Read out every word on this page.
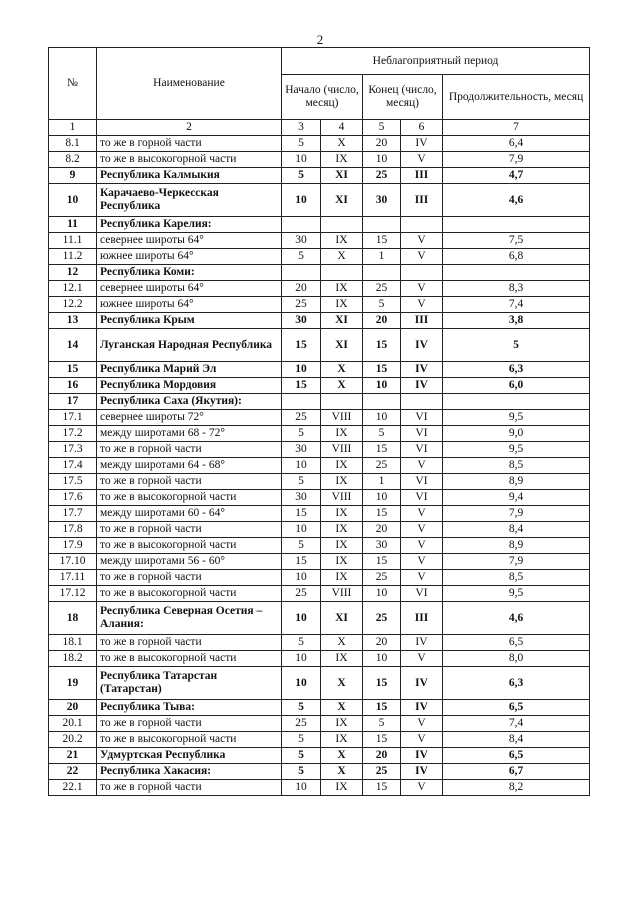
2
№	Наименование	Неблагоприятный период				
		Начало (число, месяц)		Конец (число, месяц)		Продолжительность, месяц
1	2	3	4	5	6	7
8.1	то же в горной части	5	X	20	IV	6,4
8.2	то же в высокогорной части	10	IX	10	V	7,9
9	Республика Калмыкия	5	XI	25	III	4,7
10	Карачаево-Черкесская Республика	10	XI	30	III	4,6
11	Республика Карелия:					
11.1	севернее широты 64°	30	IX	15	V	7,5
11.2	южнее широты 64°	5	X	1	V	6,8
12	Республика Коми:					
12.1	севернее широты 64°	20	IX	25	V	8,3
12.2	южнее широты 64°	25	IX	5	V	7,4
13	Республика Крым	30	XI	20	III	3,8
14	Луганская Народная Республика	15	XI	15	IV	5
15	Республика Марий Эл	10	X	15	IV	6,3
16	Республика Мордовия	15	X	10	IV	6,0
17	Республика Саха (Якутия):					
17.1	севернее широты 72°	25	VIII	10	VI	9,5
17.2	между широтами 68 - 72°	5	IX	5	VI	9,0
17.3	то же в горной части	30	VIII	15	VI	9,5
17.4	между широтами 64 - 68°	10	IX	25	V	8,5
17.5	то же в горной части	5	IX	1	VI	8,9
17.6	то же в высокогорной части	30	VIII	10	VI	9,4
17.7	между широтами 60 - 64°	15	IX	15	V	7,9
17.8	то же в горной части	10	IX	20	V	8,4
17.9	то же в высокогорной части	5	IX	30	V	8,9
17.10	между широтами 56 - 60°	15	IX	15	V	7,9
17.11	то же в горной части	10	IX	25	V	8,5
17.12	то же в высокогорной части	25	VIII	10	VI	9,5
18	Республика Северная Осетия – Алания:	10	XI	25	III	4,6
18.1	то же в горной части	5	X	20	IV	6,5
18.2	то же в высокогорной части	10	IX	10	V	8,0
19	Республика Татарстан (Татарстан)	10	X	15	IV	6,3
20	Республика Тыва:	5	X	15	IV	6,5
20.1	то же в горной части	25	IX	5	V	7,4
20.2	то же в высокогорной части	5	IX	15	V	8,4
21	Удмуртская Республика	5	X	20	IV	6,5
22	Республика Хакасия:	5	X	25	IV	6,7
22.1	то же в горной части	10	IX	15	V	8,2
